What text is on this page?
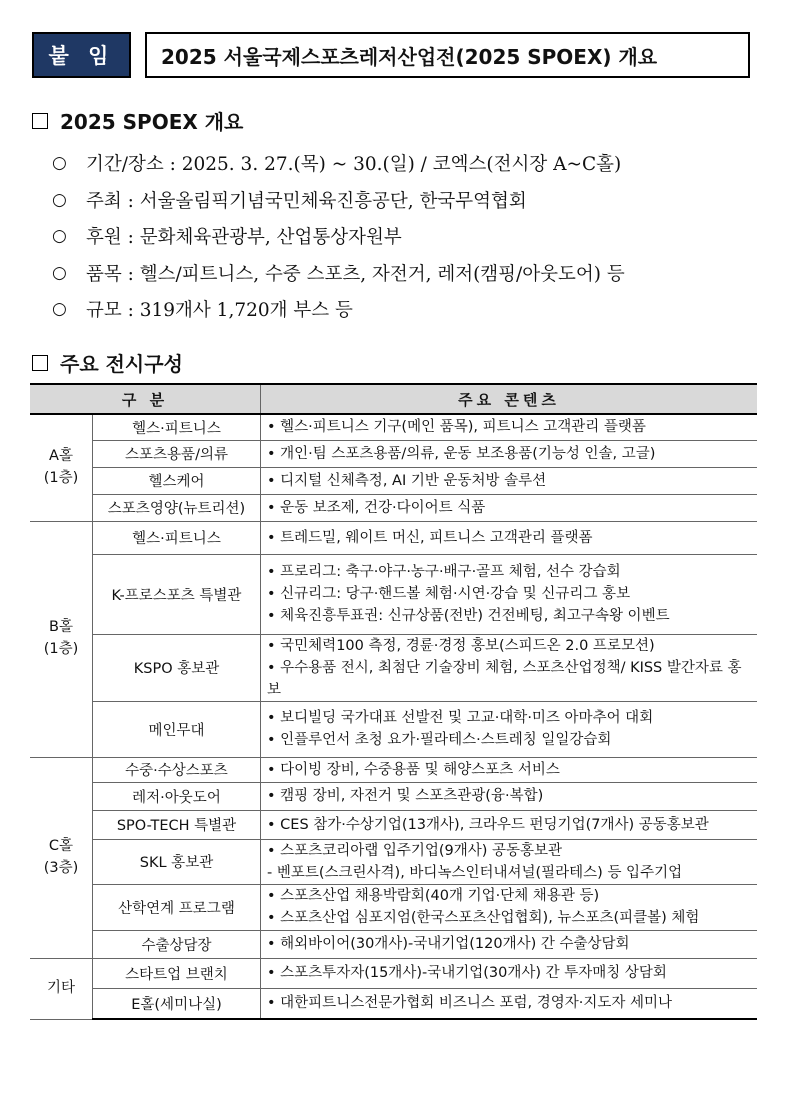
붙 임	2025 서울국제스포츠레저산업전(2025 SPOEX) 개요
2025 SPOEX 개요
○	기간/장소 : 2025. 3. 27.(목) ~ 30.(일) / 코엑스(전시장 A~C홀)
○	주최 : 서울올림픽기념국민체육진흥공단, 한국무역협회
○	후원 : 문화체육관광부, 산업통상자원부
○	품목 : 헬스/피트니스, 수중 스포츠, 자전거, 레저(캠핑/아웃도어) 등
○	규모 : 319개사 1,720개 부스 등
주요 전시구성
구 분		주요 콘텐츠

A홀
(1층)	헬스·피트니스	• 헬스·피트니스 기구(메인 품목), 피트니스 고객관리 플랫폼

	스포츠용품/의류	• 개인·팀 스포츠용품/의류, 운동 보조용품(기능성 인솔, 고글)

	헬스케어	• 디지털 신체측정, AI 기반 운동처방 솔루션

	스포츠영양(뉴트리션)	• 운동 보조제, 건강·다이어트 식품

B홀
(1층)	헬스·피트니스	• 트레드밀, 웨이트 머신, 피트니스 고객관리 플랫폼

	K-프로스포츠 특별관	• 프로리그: 축구·야구·농구·배구·골프 체험, 선수 강습회
• 신규리그: 당구·핸드볼 체험·시연·강습 및 신규리그 홍보
• 체육진흥투표권: 신규상품(전반) 건전베팅, 최고구속왕 이벤트

	KSPO 홍보관	• 국민체력100 측정, 경륜·경정 홍보(스피드온 2.0 프로모션)
• 우수용품 전시, 최첨단 기술장비 체험, 스포츠산업정책/ KISS 발간자료 홍보

	메인무대	• 보디빌딩 국가대표 선발전 및 고교·대학·미즈 아마추어 대회
• 인플루언서 초청 요가·필라테스·스트레칭 일일강습회

C홀
(3층)	수중·수상스포츠	• 다이빙 장비, 수중용품 및 해양스포츠 서비스

	레저·아웃도어	• 캠핑 장비, 자전거 및 스포츠관광(융·복합)

	SPO-TECH 특별관	• CES 참가·수상기업(13개사), 크라우드 펀딩기업(7개사) 공동홍보관

	SKL 홍보관	• 스포츠코리아랩 입주기업(9개사) 공동홍보관
- 벤포트(스크린사격), 바디녹스인터내셔널(필라테스) 등 입주기업

	산학연계 프로그램	• 스포츠산업 채용박람회(40개 기업·단체 채용관 등)
• 스포츠산업 심포지엄(한국스포츠산업협회), 뉴스포츠(피클볼) 체험

	수출상담장	• 해외바이어(30개사)-국내기업(120개사) 간 수출상담회

기타	스타트업 브랜치	• 스포츠투자자(15개사)-국내기업(30개사) 간 투자매칭 상담회

	E홀(세미나실)	• 대한피트니스전문가협회 비즈니스 포럼, 경영자·지도자 세미나
